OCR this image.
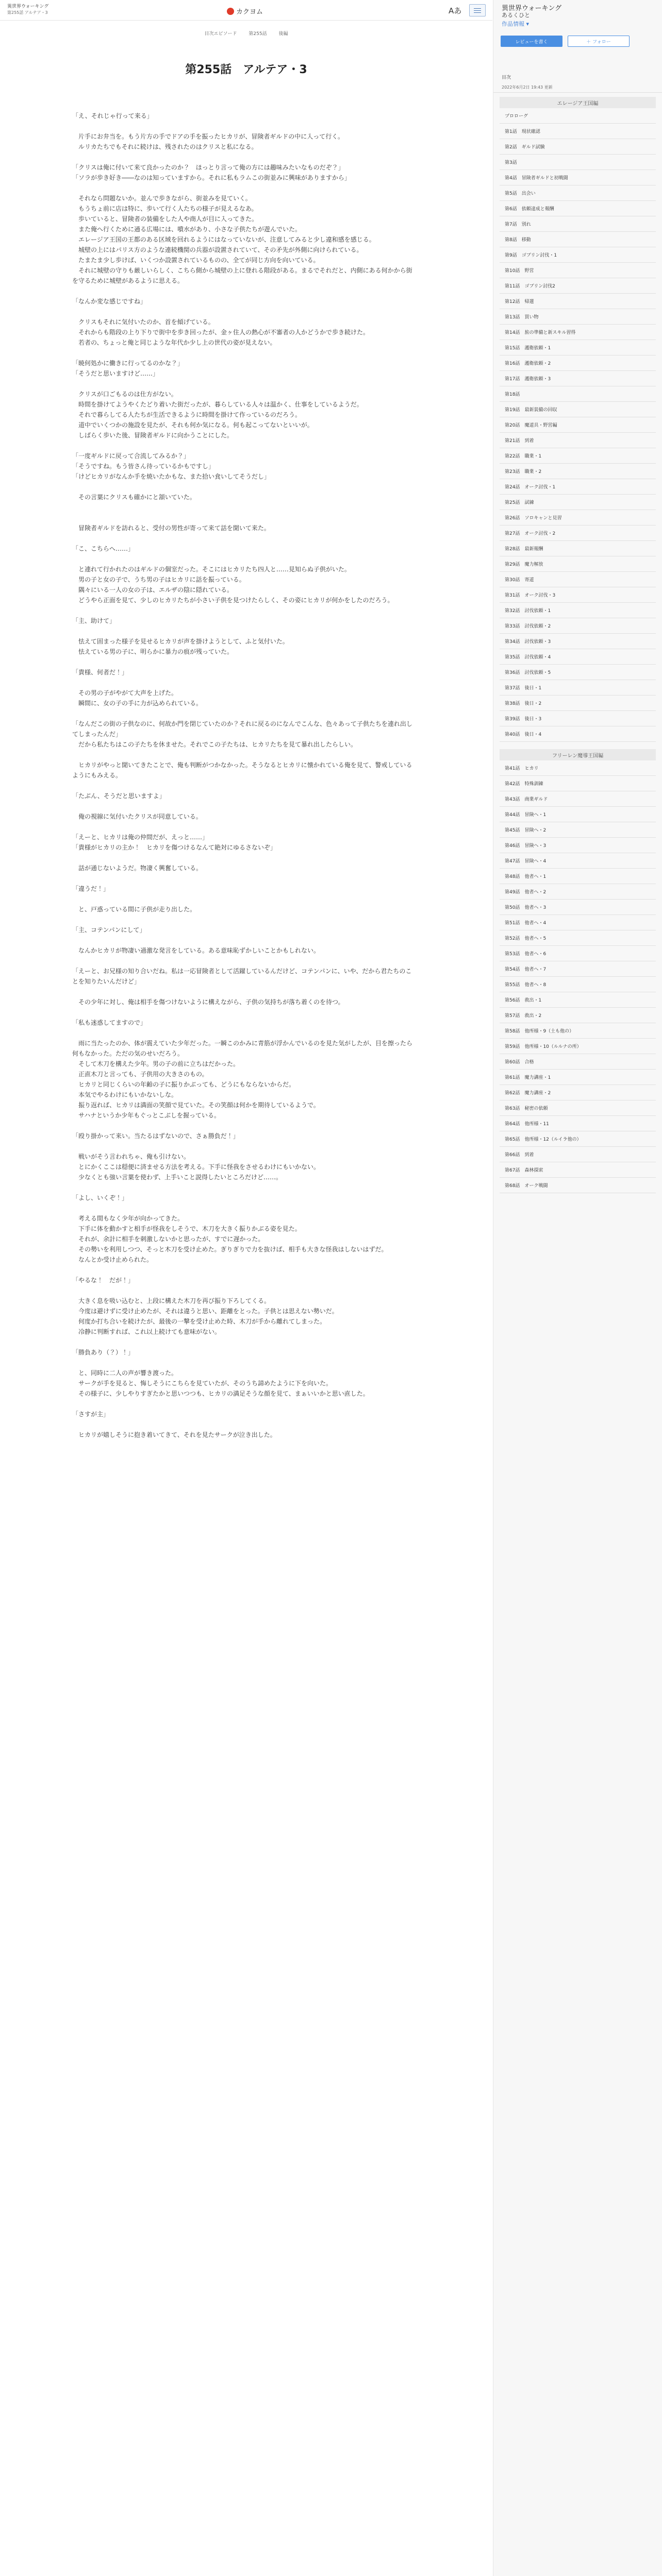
異世界ウォーキング
第255話 アルテア・3	カクヨム	Aあ
目次エピソード	第255話	後編
第255話　アルテア・3

「え、それじゃ行って来る」

　片手にお弁当を。もう片方の手でドアの手を振ったヒカリが、冒険者ギルドの中に入って行く。

　ルリカたちでもそれに続けは、残されたのはクリスと私になる。

「クリスは俺に付いて来て良かったのか？　ほっとり言って俺の方には趣味みたいなものだぞ？」

「ソラが歩き好き――なのは知っていますから。それに私もラムこの街並みに興味がありますから」

　それなら問題ないか。並んで歩きながら、街並みを見ていく。

　もうちょ前に店は特に、歩いて行く人たちの様子が見えるなあ。

　歩いていると、冒険者の装備をした人や商人が目に入ってきた。

　また俺へ行くために通る広場には、噴水があり、小さな子供たちが遊んでいた。

　エレージア王国の王都のある区域を回れるようにはなっていないが、注意してみると少し違和感を感じる。

　城壁の上にはパリス方のような連続機関の兵器が設置されていて、その矛先が外側に向けられている。

　たまたま少し歩けば、いくつか設置されているものの、全てが同じ方向を向いている。

　それに城壁の守りも厳しいらしく、こちら側から城壁の上に登れる階段がある。まるでそれだと、内側にある何かから街を守るために城壁があるように思える。

「なんか変な感じですね」

　クリスもそれに気付いたのか、首を傾げている。

　それからも階段の上り下りで街中を歩き回ったが、金ヶ住人の熱心が不審者の人かどうかで歩き続けた。

　若者の、ちょっと俺と同じような年代か少し上の世代の姿が見えない。

「暁何処かに働きに行ってるのかな？」

「そうだと思いますけど……」

　クリスが口ごもるのは仕方がない。

　時間を掛けてようやくたどり着いた街だったが、暮らしている人々は温かく、仕事をしているようだ。

　それで暮らしてる人たちが生活できるように時間を掛けて作っているのだろう。

　道中でいくつかの施設を見たが、それも何か気になる。何も起こってないといいが。

　しばらく歩いた後、冒険者ギルドに向かうことにした。

「一度ギルドに戻って合流してみるか？」

「そうですね。もう皆さん待っているかもですし」

「けどヒカリがなんか手を焼いたかもな、また拾い食いしてそうだし」

　その言葉にクリスも確かにと頷いていた。

　冒険者ギルドを訪れると、受付の男性が寄って来て話を聞いて来た。

「こ、こちらへ……」

　と連れて行かれたのはギルドの個室だった。そこにはヒカリたち四人と……見知らぬ子供がいた。

　男の子と女の子で、うち男の子はヒカリに話を振っている。

　隅々にいる一人の女の子は、エルザの陰に隠れている。

　どうやら正面を見て、少しのヒカリたちが小さい子供を見つけたらしく、その姿にヒカリが何かをしたのだろう。

「主、助けて」

　怯えて固まった様子を見せるヒカリが声を掛けようとして、ふと気付いた。

　怯えている男の子に、明らかに暴力の痕が残っていた。

「貴様、何者だ！」

　その男の子がやがて大声を上げた。

　瞬間に、女の子の手に力が込められている。

「なんだこの街の子供なのに、何故か門を閉じていたのか？それに戻るのになんでこんな、色々あって子供たちを連れ出してしまったんだ」

　だから私たちはこの子たちを休ませた。それでこの子たちは、ヒカリたちを見て暴れ出したらしい。

　ヒカリがやっと聞いてきたことで、俺も判断がつかなかった。そうなるとヒカリに懐かれている俺を見て、警戒しているようにもみえる。

「たぶん、そうだと思いますよ」

　俺の視線に気付いたクリスが同意している。

「えーと、ヒカリは俺の仲間だが、えっと……」

「貴様がヒカリの主か！　ヒカリを傷つけるなんて絶対にゆるさないぞ」

　話が通じないようだ。物凄く興奮している。

「違うだ！」

　と、戸惑っている間に子供が走り出した。

「主、コテンパンにして」

　なんかヒカリが物凄い過激な発言をしている。ある意味恥ずかしいことかもしれない。

「えーと、お兄様の知り合いだね。私は一応冒険者として活躍しているんだけど、コテンパンに、いや、だから君たちのことを知りたいんだけど」

　その少年に対し、俺は相手を傷つけないように構えながら、子供の気持ちが落ち着くのを待つ。

「私も迷惑してますので」

　雨に当たったのか、体が震えていた少年だった。一瞬このかみに青筋が浮かんでいるのを見た気がしたが、目を擦ったら何もなかった。ただの気のせいだろう。

　そして木刀を構えた少年。男の子の前に立ちはだかった。

　正直木刀と言っても、子供用の大きさのもの。

　ヒカリと同じくらいの年齢の子に振りかぶっても、どうにもならないからだ。

　本気でやるわけにもいかないしな。

　振り返れば、ヒカリは満面の笑顔で見ていた。その笑顔は何かを期待しているようで。

　サハナというか少年もぐっとこぶしを握っている。

「殴り掛かって来い。当たるはずないので、さぁ勝負だ！」

　戦いがそう言われちゃ、俺も引けない。

　とにかくここは穏便に済ませる方法を考える。下手に怪我をさせるわけにもいかない。

　少なくとも強い言葉を使わず、上手いこと説得したいところだけど……。

「よし、いくぞ！」

　考える間もなく少年が向かってきた。

　下手に体を動かすと相手が怪我をしそうで、木刀を大きく振りかぶる姿を見た。

　それが、余計に相手を刺激しないかと思ったが、すでに遅かった。

　その勢いを利用しつつ、そっと木刀を受け止めた。ぎりぎりで力を抜けば、相手も大きな怪我はしないはずだ。

　なんとか受け止められた。

「やるな！　だが！」

　大きく息を吸い込むと、上段に構えた木刀を再び振り下ろしてくる。

　今度は避けずに受け止めたが、それは違うと思い、距離をとった。子供とは思えない勢いだ。

　何度か打ち合いを続けたが、最後の一撃を受け止めた時、木刀が手から離れてしまった。

　冷静に判断すれば、これ以上続けても意味がない。

「勝負あり（？）！」

　と、同時に二人の声が響き渡った。

　サークが手を見ると、悔しそうにこちらを見ていたが、そのうち諦めたように下を向いた。

　その様子に、少しやりすぎたかと思いつつも、ヒカリの満足そうな顔を見て、まぁいいかと思い直した。

「さすが主」

　ヒカリが嬉しそうに抱き着いてきて、それを見たサークが泣き出した。

異世界ウォーキング
あるくひと
作品情報 ▾
レビューを書く	＋ フォロー
目次
2022年6月2日 19:43 更新
エレージア王国編
プロローグ
第1話　現状確認
第2話　ギルド試験
第3話
第4話　冒険者ギルドと初戦闘
第5話　出会い
第6話　依頼達成と報酬
第7話　別れ
第8話　移動
第9話　ゴブリン討伐・1
第10話　野営
第11話　ゴブリン討伐2
第12話　帰還
第13話　買い物
第14話　旅の準備と新スキル習得
第15話　護衛依頼・1
第16話　護衛依頼・2
第17話　護衛依頼・3
第18話
第19話　最新装備の回収
第20話　魔道具・野営編
第21話　到着
第22話　職業・1
第23話　職業・2
第24話　オーク討伐・1
第25話　試練
第26話　ソロキャンと見習
第27話　オーク討伐・2
第28話　最新報酬
第29話　魔力解放
第30話　寄道
第31話　オーク討伐・3
第32話　討伐依頼・1
第33話　討伐依頼・2
第34話　討伐依頼・3
第35話　討伐依頼・4
第36話　討伐依頼・5
第37話　後日・1
第38話　後日・2
第39話　後日・3
第40話　後日・4
フリーレン魔導王国編
第41話　ヒカリ
第42話　特殊訓練
第43話　商業ギルド
第44話　冒険へ・1
第45話　冒険へ・2
第46話　冒険へ・3
第47話　冒険へ・4
第48話　他者へ・1
第49話　他者へ・2
第50話　他者へ・3
第51話　他者へ・4
第52話　他者へ・5
第53話　他者へ・6
第54話　他者へ・7
第55話　他者へ・8
第56話　救出・1
第57話　救出・2
第58話　他所様・9（土も他の）
第59話　他所様・10（ルルナの所）
第60話　合格
第61話　魔力講座・1
第62話　魔力講座・2
第63話　秘密の依頼
第64話　他所様・11
第65話　他所様・12（ルイラ他の）
第66話　到着
第67話　森林探索
第68話　オーク戦闘
